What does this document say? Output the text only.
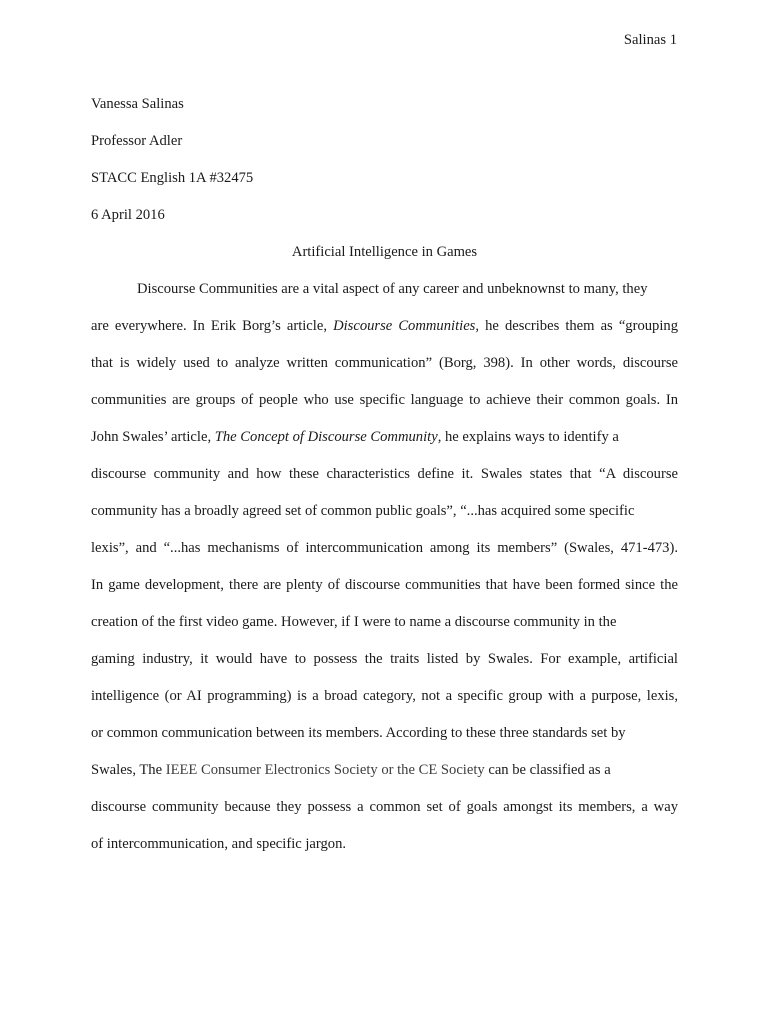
Salinas 1
Vanessa Salinas
Professor Adler
STACC English 1A #32475
6 April 2016
Artificial Intelligence in Games
Discourse Communities are a vital aspect of any career and unbeknownst to many, they
are everywhere. In Erik Borg’s article, Discourse Communities, he describes them as “grouping
that is widely used to analyze written communication” (Borg, 398). In other words, discourse
communities are groups of people who use specific language to achieve their common goals. In
John Swales’ article, The Concept of Discourse Community, he explains ways to identify a
discourse community and how these characteristics define it. Swales states that “A discourse
community has a broadly agreed set of common public goals”, “...has acquired some specific
lexis”, and “...has mechanisms of intercommunication among its members” (Swales, 471-473).
In game development, there are plenty of discourse communities that have been formed since the
creation of the first video game. However, if I were to name a discourse community in the
gaming industry, it would have to possess the traits listed by Swales. For example, artificial
intelligence (or AI programming) is a broad category, not a specific group with a purpose, lexis,
or common communication between its members. According to these three standards set by
Swales, The IEEE Consumer Electronics Society or the CE Society can be classified as a
discourse community because they possess a common set of goals amongst its members, a way
of intercommunication, and specific jargon.
